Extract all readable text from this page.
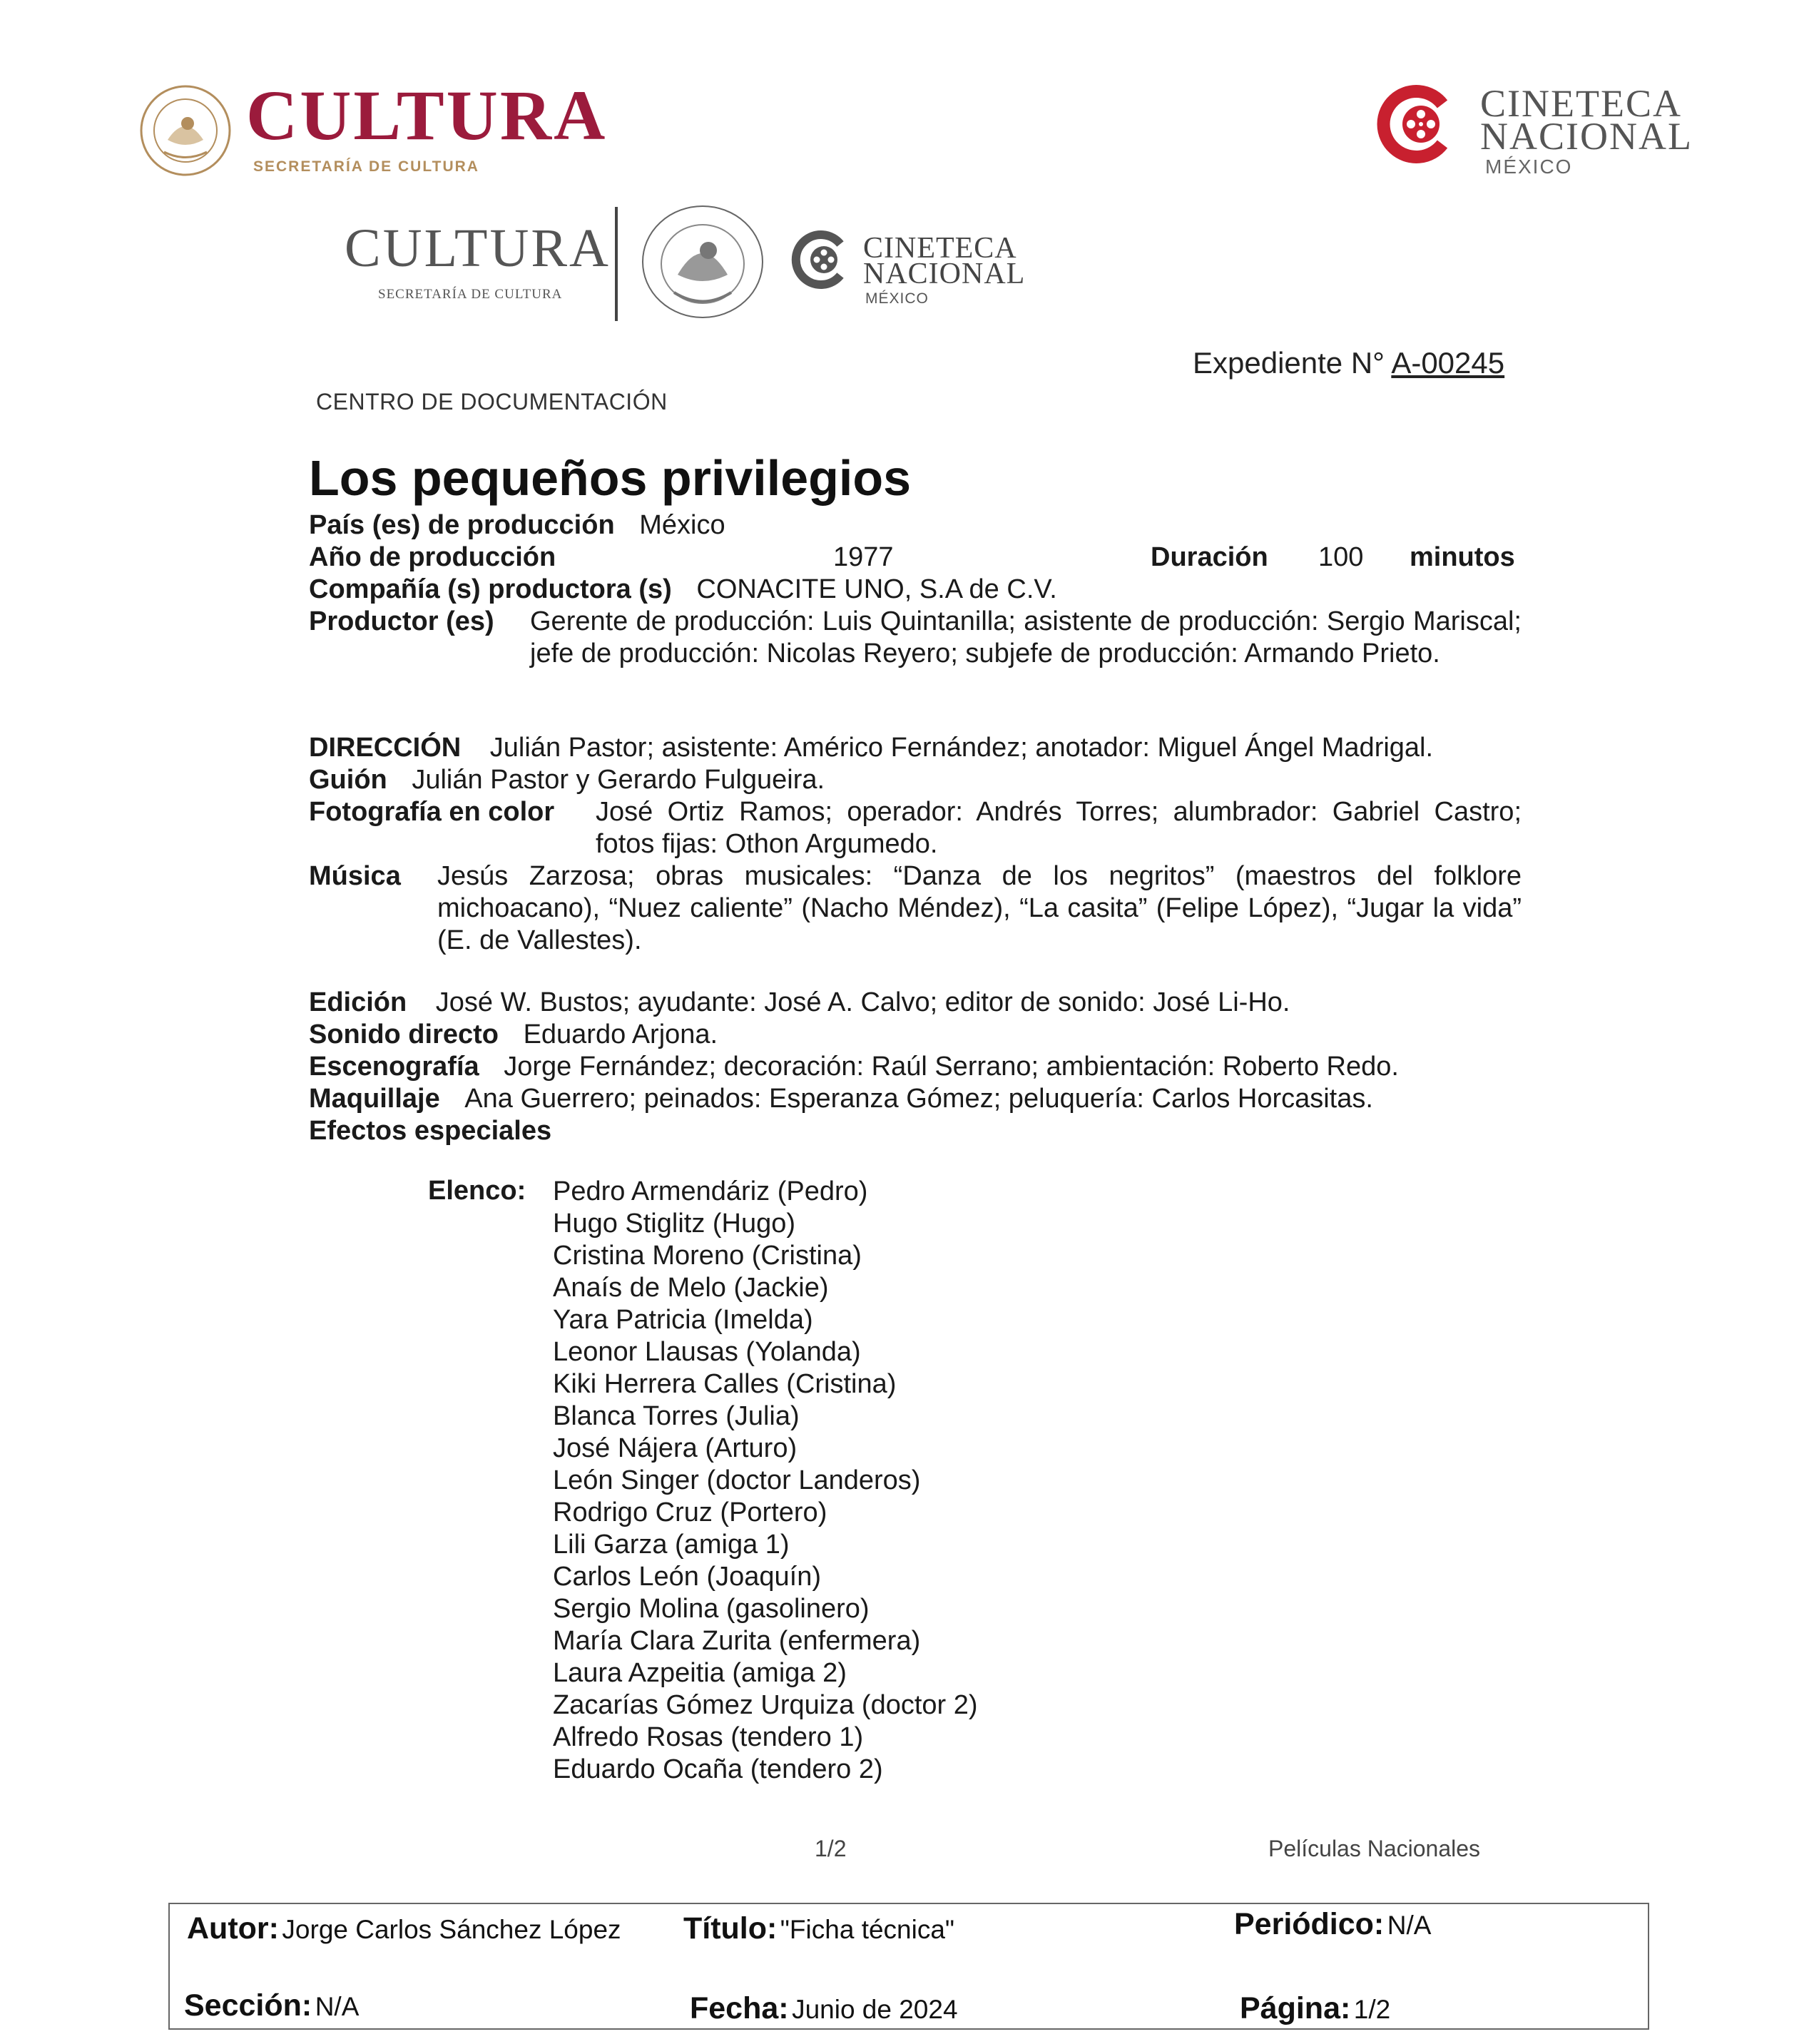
CULTURA
SECRETARÍA DE CULTURA
CINETECA
NACIONAL
MÉXICO
CULTURA
SECRETARÍA DE CULTURA
CINETECA
NACIONAL
MÉXICO
Expediente N° A-00245
CENTRO DE DOCUMENTACIÓN
Los pequeños privilegios
País (es) de producción México
Año de producción	1977	Duración 100 minutos
Compañía (s) productora (s) CONACITE UNO, S.A de C.V.
Productor (es) Gerente de producción: Luis Quintanilla; asistente de producción: Sergio Mariscal; jefe de producción: Nicolas Reyero; subjefe de producción: Armando Prieto.
DIRECCIÓN Julián Pastor; asistente: Américo Fernández; anotador: Miguel Ángel Madrigal.
Guión Julián Pastor y Gerardo Fulgueira.
Fotografía en color José Ortiz Ramos; operador: Andrés Torres; alumbrador: Gabriel Castro; fotos fijas: Othon Argumedo.
Música Jesús Zarzosa; obras musicales: “Danza de los negritos” (maestros del folklore michoacano), “Nuez caliente” (Nacho Méndez), “La casita” (Felipe López), “Jugar la vida” (E. de Vallestes).
Edición José W. Bustos; ayudante: José A. Calvo; editor de sonido: José Li-Ho.
Sonido directo Eduardo Arjona.
Escenografía Jorge Fernández; decoración: Raúl Serrano; ambientación: Roberto Redo.
Maquillaje Ana Guerrero; peinados: Esperanza Gómez; peluquería: Carlos Horcasitas.
Efectos especiales
Elenco: Pedro Armendáriz (Pedro)
Hugo Stiglitz (Hugo)
Cristina Moreno (Cristina)
Anaís de Melo (Jackie)
Yara Patricia (Imelda)
Leonor Llausas (Yolanda)
Kiki Herrera Calles (Cristina)
Blanca Torres (Julia)
José Nájera (Arturo)
León Singer (doctor Landeros)
Rodrigo Cruz (Portero)
Lili Garza (amiga 1)
Carlos León (Joaquín)
Sergio Molina (gasolinero)
María Clara Zurita (enfermera)
Laura Azpeitia (amiga 2)
Zacarías Gómez Urquiza (doctor 2)
Alfredo Rosas (tendero 1)
Eduardo Ocaña (tendero 2)
1/2	Películas Nacionales
Autor: Jorge Carlos Sánchez López Título: "Ficha técnica"	Periódico: N/A
Sección: N/A	Fecha: Junio de 2024	Página: 1/2
